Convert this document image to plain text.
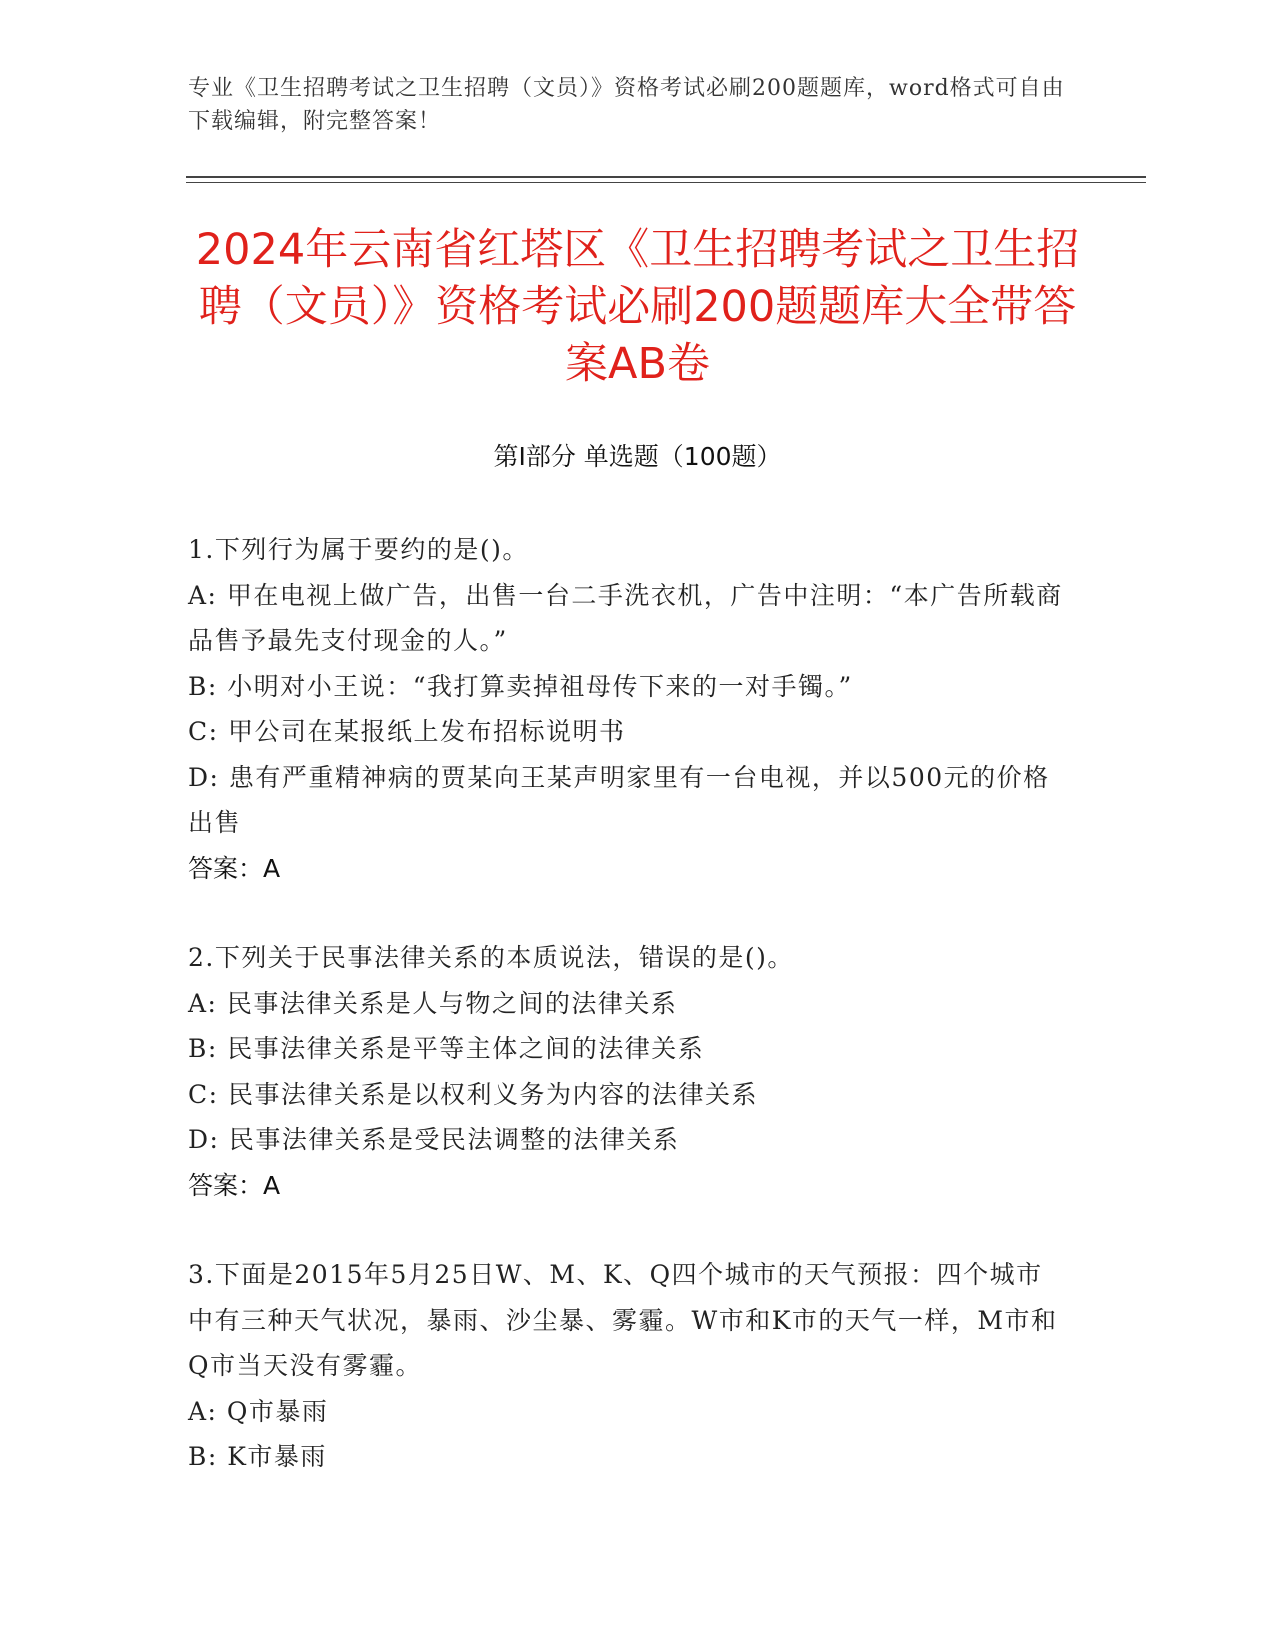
专业《卫生招聘考试之卫生招聘（文员）》资格考试必刷200题题库，word格式可自由下载编辑，附完整答案！
2024年云南省红塔区《卫生招聘考试之卫生招聘（文员）》资格考试必刷200题题库大全带答案AB卷
第I部分 单选题（100题）
1.下列行为属于要约的是()。
A: 甲在电视上做广告，出售一台二手洗衣机，广告中注明：“本广告所载商品售予最先支付现金的人。”
B: 小明对小王说：“我打算卖掉祖母传下来的一对手镯。”
C: 甲公司在某报纸上发布招标说明书
D: 患有严重精神病的贾某向王某声明家里有一台电视，并以500元的价格出售
答案：A
2.下列关于民事法律关系的本质说法，错误的是()。
A: 民事法律关系是人与物之间的法律关系
B: 民事法律关系是平等主体之间的法律关系
C: 民事法律关系是以权利义务为内容的法律关系
D: 民事法律关系是受民法调整的法律关系
答案：A
3.下面是2015年5月25日W、M、K、Q四个城市的天气预报：四个城市中有三种天气状况，暴雨、沙尘暴、雾霾。W市和K市的天气一样，M市和Q市当天没有雾霾。
A: Q市暴雨
B: K市暴雨
